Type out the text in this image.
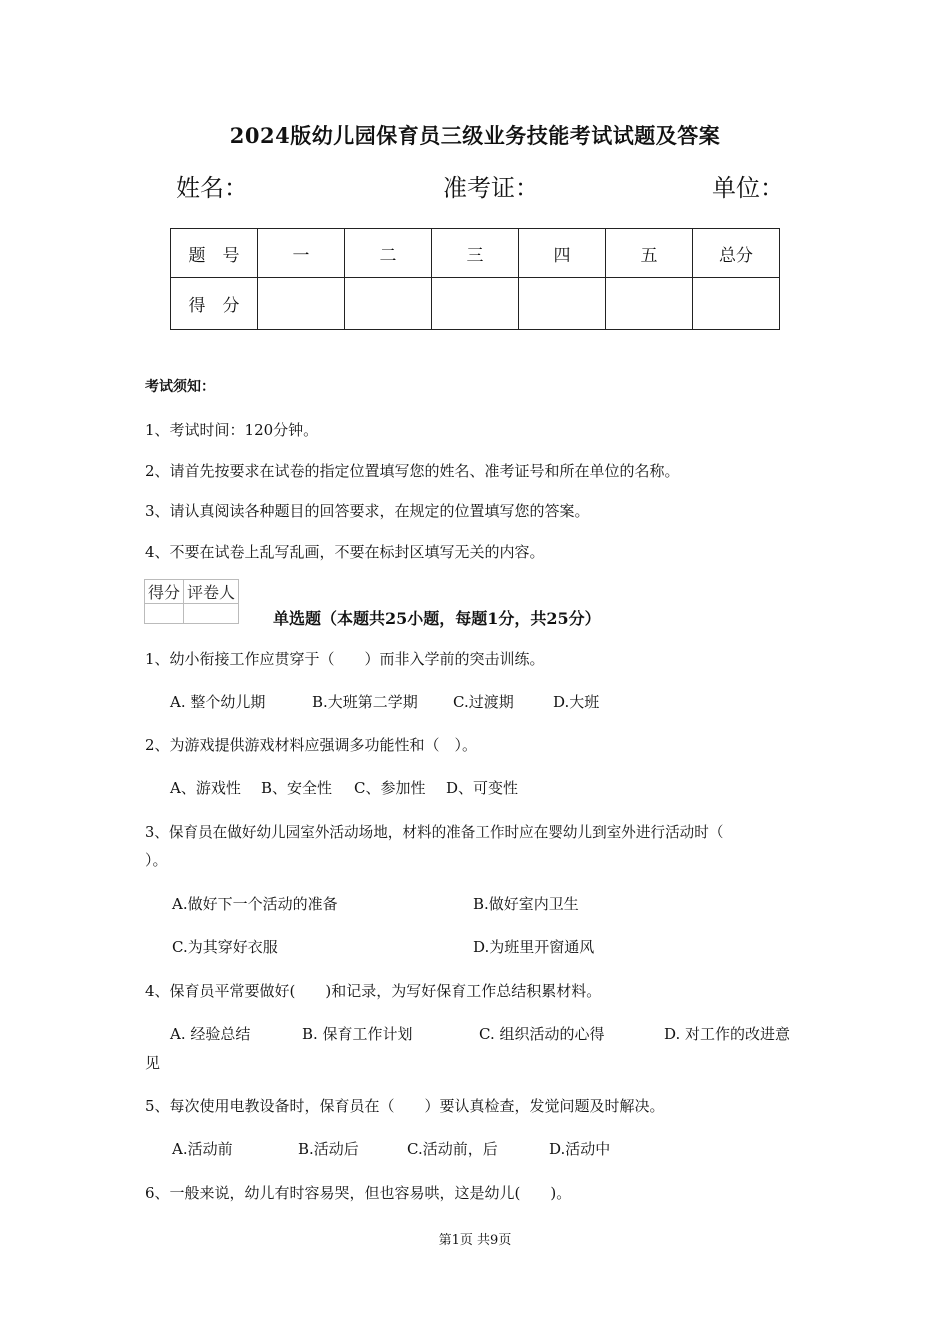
2024版幼儿园保育员三级业务技能考试试题及答案
姓名：	准考证：	单位：
题　号	一	二	三	四	五	总分
得　分						
考试须知：
1、考试时间：120分钟。
2、请首先按要求在试卷的指定位置填写您的姓名、准考证号和所在单位的名称。
3、请认真阅读各种题目的回答要求，在规定的位置填写您的答案。
4、不要在试卷上乱写乱画，不要在标封区填写无关的内容。
得分	评卷人

单选题（本题共25小题，每题1分，共25分）
1、幼小衔接工作应贯穿于（　　）而非入学前的突击训练。
A. 整个幼儿期	B.大班第二学期 C.过渡期	D.大班
2、为游戏提供游戏材料应强调多功能性和（　）。
A、游戏性 B、安全性 C、参加性 D、可变性
3、保育员在做好幼儿园室外活动场地，材料的准备工作时应在婴幼儿到室外进行活动时（
）。
A.做好下一个活动的准备	B.做好室内卫生
C.为其穿好衣服	D.为班里开窗通风
4、保育员平常要做好(　　)和记录，为写好保育工作总结积累材料。
A. 经验总结	B. 保育工作计划	C. 组织活动的心得	D. 对工作的改进意
见
5、每次使用电教设备时，保育员在（　　）要认真检查，发觉问题及时解决。
A.活动前	B.活动后	C.活动前，后	D.活动中
6、一般来说，幼儿有时容易哭，但也容易哄，这是幼儿(　　)。
第1页 共9页
